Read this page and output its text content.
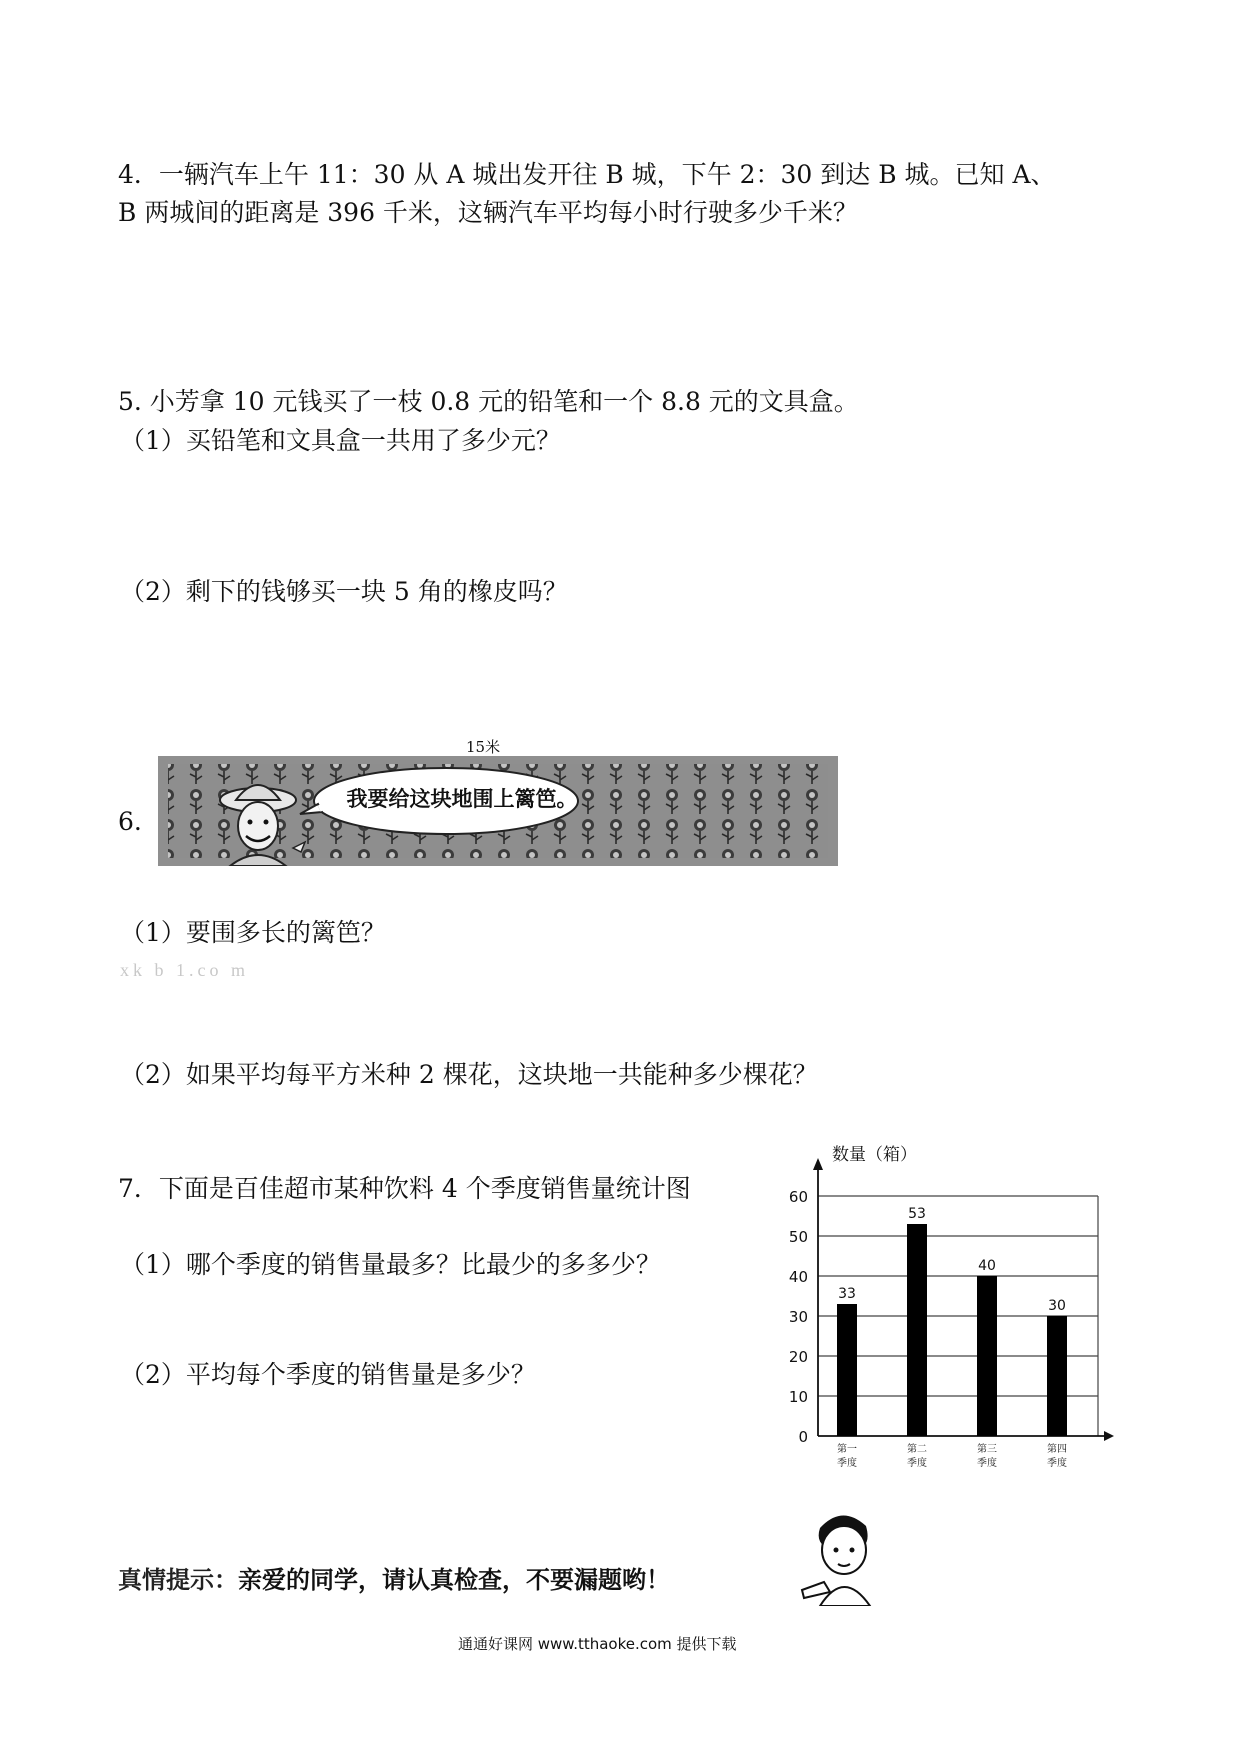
4．一辆汽车上午 11：30 从 A 城出发开往 B 城，下午 2：30 到达 B 城。已知 A、
B 两城间的距离是 396 千米，这辆汽车平均每小时行驶多少千米？
5. 小芳拿 10 元钱买了一枝 0.8 元的铅笔和一个 8.8 元的文具盒。
（1）买铅笔和文具盒一共用了多少元？
（2）剩下的钱够买一块 5 角的橡皮吗？
6.
15米
我要给这块地围上篱笆。
（1）要围多长的篱笆？
xk b 1.co m
（2）如果平均每平方米种 2 棵花，这块地一共能种多少棵花？
7．下面是百佳超市某种饮料 4 个季度销售量统计图
（1）哪个季度的销售量最多？比最少的多多少？
（2）平均每个季度的销售量是多少？
数量（箱）
0
10
20
30
40
50
60
33
第一
季度
53
第二
季度
40
第三
季度
30
第四
季度
真情提示：亲爱的同学，请认真检查，不要漏题哟！
通通好课网 www.tthaoke.com 提供下载
